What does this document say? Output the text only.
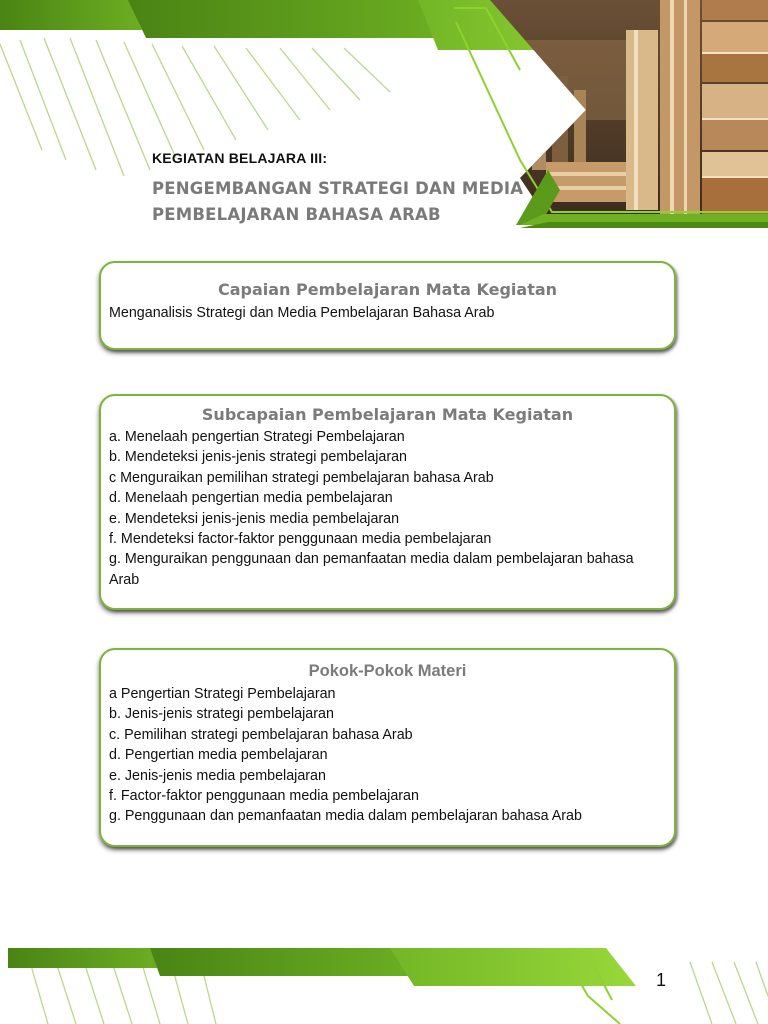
KEGIATAN BELAJARA III:
PENGEMBANGAN STRATEGI DAN MEDIA
PEMBELAJARAN BAHASA ARAB
Capaian Pembelajaran Mata Kegiatan

Menganalisis Strategi dan Media Pembelajaran Bahasa Arab

Subcapaian Pembelajaran Mata Kegiatan
a. Menelaah pengertian Strategi Pembelajaran
b. Mendeteksi jenis-jenis strategi pembelajaran
c Menguraikan pemilihan strategi pembelajaran bahasa Arab
d. Menelaah pengertian media pembelajaran
e. Mendeteksi jenis-jenis media pembelajaran
f. Mendeteksi factor-faktor penggunaan media pembelajaran
g. Menguraikan penggunaan dan pemanfaatan media dalam pembelajaran bahasa Arab
Pokok-Pokok Materi
a Pengertian Strategi Pembelajaran
b. Jenis-jenis strategi pembelajaran
c. Pemilihan strategi pembelajaran bahasa Arab
d. Pengertian media pembelajaran
e. Jenis-jenis media pembelajaran
f. Factor-faktor penggunaan media pembelajaran
g. Penggunaan dan pemanfaatan media dalam pembelajaran bahasa Arab
1
